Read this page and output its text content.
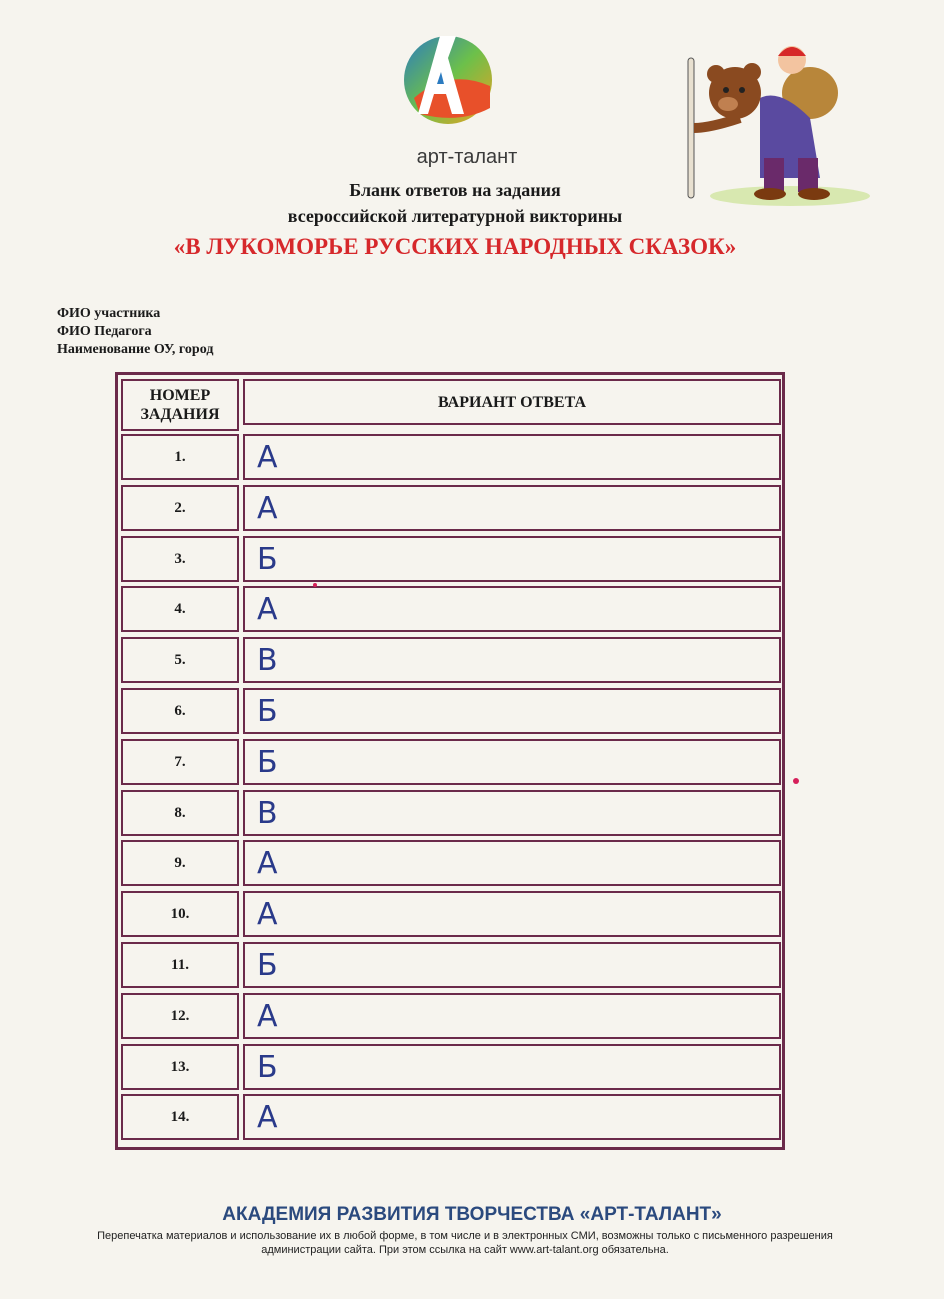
арт-талант
Бланк ответов на задания
всероссийской литературной викторины
«В ЛУКОМОРЬЕ РУССКИХ НАРОДНЫХ СКАЗОК»
ФИО участника
ФИО Педагога
Наименование ОУ, город
НОМЕР ЗАДАНИЯ
ВАРИАНТ ОТВЕТА
1.	А
2.	А
3.	Б
4.	А
5.	В
6.	Б
7.	Б
8.	В
9.	А
10.	А
11.	Б
12.	А
13.	Б
14.	А
АКАДЕМИЯ РАЗВИТИЯ ТВОРЧЕСТВА «АРТ-ТАЛАНТ»
Перепечатка материалов и использование их в любой форме, в том числе и в электронных СМИ, возможны только с письменного разрешения администрации сайта. При этом ссылка на сайт www.art-talant.org обязательна.
